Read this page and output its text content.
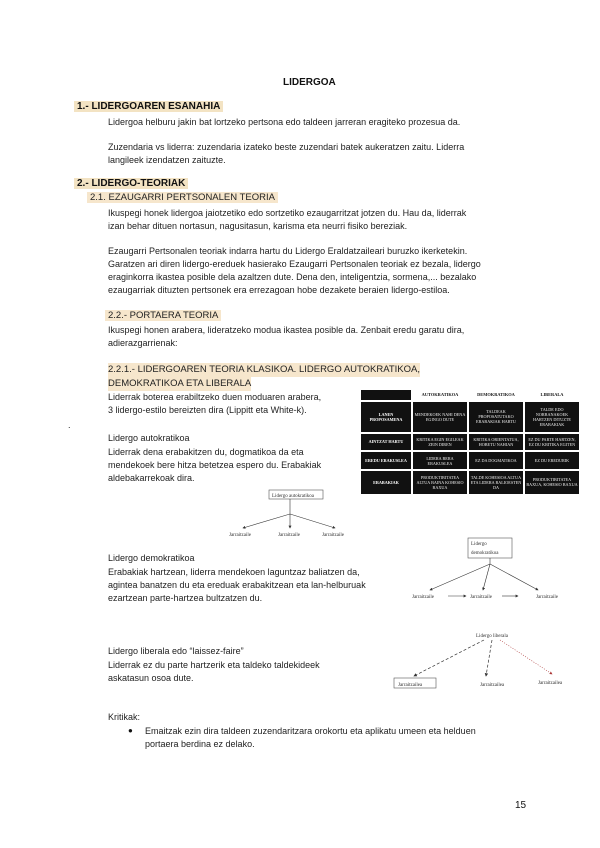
LIDERGOA
1.- LIDERGOAREN ESANAHIA
Lidergoa helburu jakin bat lortzeko pertsona edo taldeen jarreran eragiteko prozesua da.
Zuzendaria vs liderra: zuzendaria izateko beste zuzendari batek aukeratzen zaitu. Liderra
langileek izendatzen zaituzte.
2.- LIDERGO-TEORIAK
2.1. EZAUGARRI PERTSONALEN TEORIA
Ikuspegi honek lidergoa jaiotzetiko edo sortzetiko ezaugarritzat jotzen du. Hau da, liderrak
izan behar dituen nortasun, nagusitasun, karisma eta neurri fisiko bereziak.
Ezaugarri Pertsonalen teoriak indarra hartu du Lidergo Eraldatzaileari buruzko ikerketekin.
Garatzen ari diren lidergo-ereduek hasierako Ezaugarri Pertsonalen teoriak ez bezala, lidergo
eraginkorra ikastea posible dela azaltzen dute. Dena den, inteligentzia, sormena,... bezalako
ezaugarriak dituzten pertsonek era errezagoan hobe dezakete beraien lidergo-estiloa.
2.2.- PORTAERA TEORIA
Ikuspegi honen arabera, lideratzeko modua ikastea posible da. Zenbait eredu garatu dira,
adierazgarrienak:
2.2.1.- LIDERGOAREN TEORIA KLASIKOA. LIDERGO AUTOKRATIKOA,
DEMOKRATIKOA ETA LIBERALA
Liderrak boterea erabiltzeko duen moduaren arabera,
3 lidergo-estilo bereizten dira (Lippitt eta White-k).
.
Lidergo autokratikoa
Liderrak dena erabakitzen du, dogmatikoa da eta
mendekoek bere hitza betetzea espero du. Erabakiak
aldebakarrekoak dira.
	AUTOKRATIKOA	DEMOKRATIKOA	LIBERALA
LANEN PROPOSAMENA	MENDEKOEK NAHI DENA EGINGO DUTE	TALDEAK PROPOSATUTAKO ERABAKIAK HARTU	TALDE EDO NORBANAKOEK HARTZEN DITUZTE ERABAKIAK
AINTZAT HARTU	KRITIKA EGIN EGILEAK ZEIN DIREN	KRITIKA ORIENTATUA, HOBETU NAHIAN	EZ DU PARTE HARTZEN, EZ DU KRITIKA EGITEN
EREDU ERAKUSLEA	LIDERA BERA ERAKUSLEA	EZ DA DOGMATIKOA	EZ DU EREDURIK
ERABAKIAK	PRODUKTIBITATEA ALTUA BAINA KOHESIO BAXUA	TALDE KOHESIOA ALTUA ETA LIDERA BALIOESTEN DA	PRODUKTIBITATEA BAXUA, KOHESIO BAXUA
Lidergo autokratikoa
Jarraitzaile	Jarraitzaile	Jarraitzaile
Lidergo demokratikoa
Erabakiak hartzean, liderra mendekoen laguntzaz baliatzen da,
agintea banatzen du eta ereduak erabakitzean eta lan-helburuak
ezartzean parte-hartzea bultzatzen du.
Lidergo
demokratikoa
Jarraitzaile	Jarraitzaile	Jarraitzaile
Lidergo liberala edo “laissez-faire”
Liderrak ez du parte hartzerik eta taldeko taldekideek
askatasun osoa dute.
Lidergo liberala
Jarraitzailea	Jarraitzailea	Jarraitzailea
Kritikak:
● Emaitzak ezin dira taldeen zuzendaritzara orokortu eta aplikatu umeen eta helduen
portaera berdina ez delako.
15
